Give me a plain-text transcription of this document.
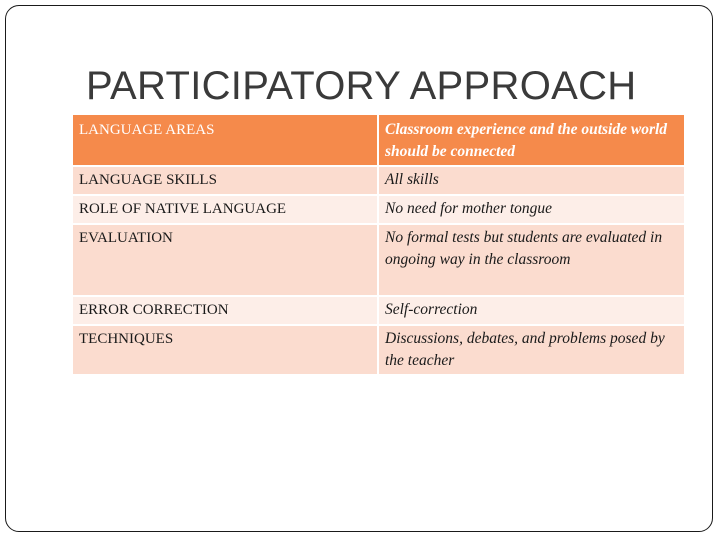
PARTICIPATORY APPROACH
LANGUAGE AREAS	Classroom experience and the outside world should be connected
LANGUAGE SKILLS	All skills
ROLE OF NATIVE LANGUAGE	No need for mother tongue
EVALUATION	No formal tests but students are evaluated in ongoing way in the classroom
ERROR CORRECTION	Self-correction
TECHNIQUES	Discussions, debates, and problems posed by the teacher
